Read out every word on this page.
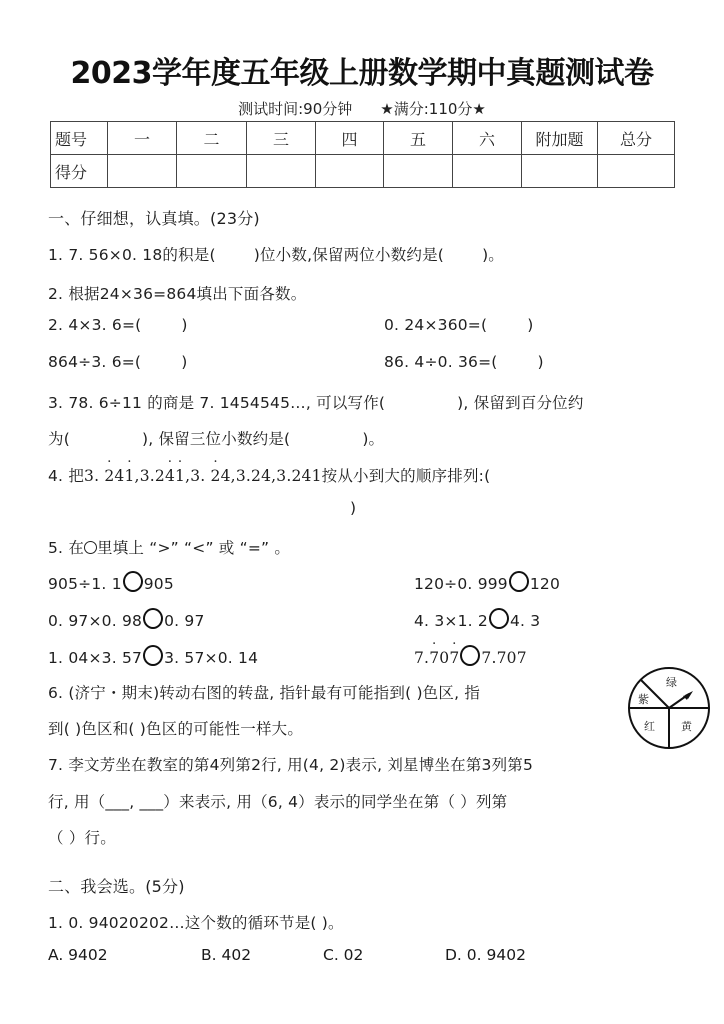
2023学年度五年级上册数学期中真题测试卷
测试时间:90分钟 ★满分:110分★
题号	一	二	三	四	五	六	附加题	总分
得分								
一、仔细想，认真填。(23分)
1. 7. 56×0. 18的积是( )位小数,保留两位小数约是( )。
2. 根据24×36=864填出下面各数。
2. 4×3. 6=(	)	0. 24×360=(	)
864÷3. 6=(	)	86. 4÷0. 36=(	)
3. 78. 6÷11 的商是 7. 1454545…, 可以写作(	), 保留到百分位约
为(	), 保留三位小数约是(	)。
4. 把3. 2 ˙41 ˙,3.24 ˙1 ˙,3. 2 ˙4,3.24,3.241按从小到大的顺序排列:(
)
5. 在 里填上 “>” “<” 或 “=” 。
905÷1. 1 905	120÷0. 999 120
0. 97×0. 98 0. 97	4. 3×1. 2 4. 3
1. 04×3. 57 3. 57×0. 14	7.7 ˙07 ˙ 7.707
6. (济宁・期末)转动右图的转盘, 指针最有可能指到( )色区, 指
到( )色区和( )色区的可能性一样大。
紫
绿
红 黄
7. 李文芳坐在教室的第4列第2行, 用(4, 2)表示, 刘星博坐在第3列第5
行, 用（___, ___）来表示, 用（6, 4）表示的同学坐在第（ ）列第
（ ）行。
二、我会选。(5分)
1. 0. 94020202…这个数的循环节是( )。
A. 9402	B. 402	C. 02	D. 0. 9402
